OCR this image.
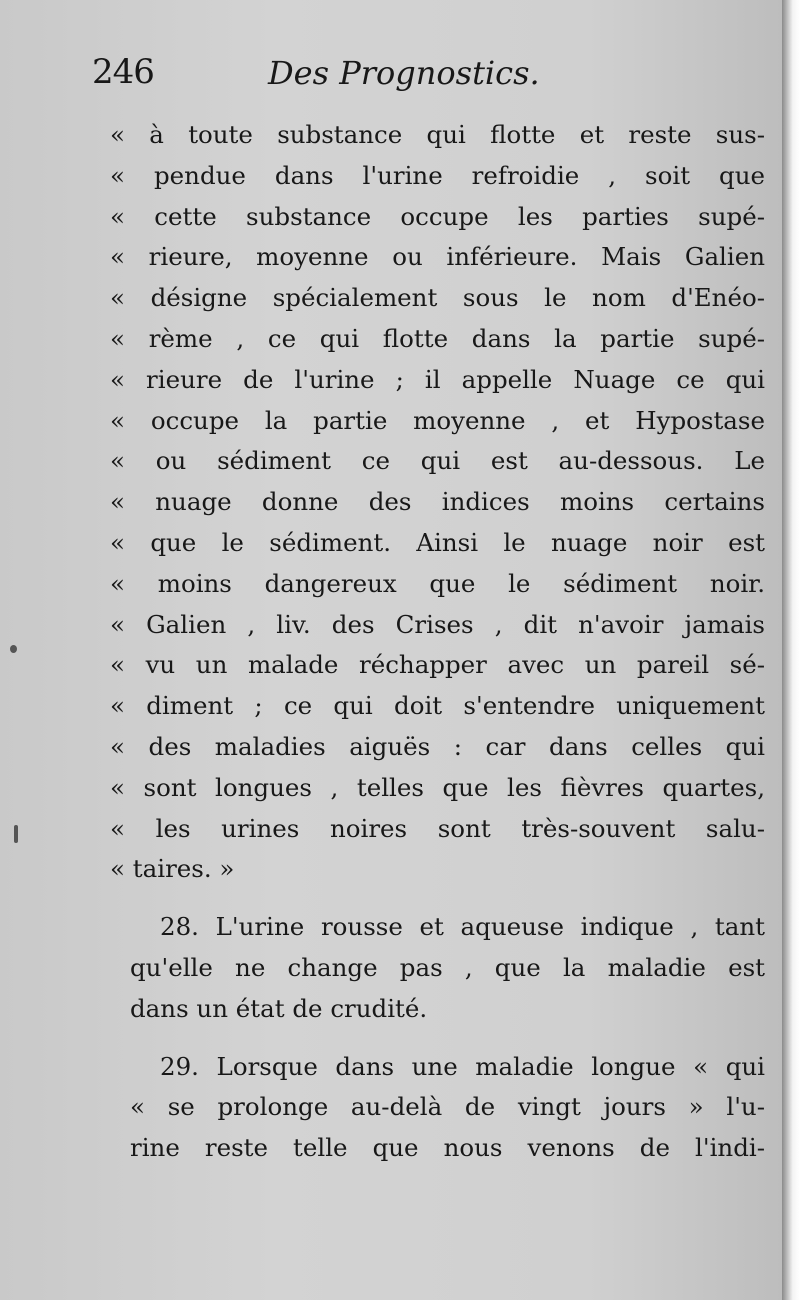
246	Des Prognostics.
« à toute substance qui flotte et reste sus-
« pendue dans l'urine refroidie , soit que
« cette substance occupe les parties supé-
« rieure, moyenne ou inférieure. Mais Galien
« désigne spécialement sous le nom d'Enéo-
« rème , ce qui flotte dans la partie supé-
« rieure de l'urine ; il appelle Nuage ce qui
« occupe la partie moyenne , et Hypostase
« ou sédiment ce qui est au-dessous. Le
« nuage donne des indices moins certains
« que le sédiment. Ainsi le nuage noir est
« moins dangereux que le sédiment noir.
« Galien , liv. des Crises , dit n'avoir jamais
« vu un malade réchapper avec un pareil sé-
« diment ; ce qui doit s'entendre uniquement
« des maladies aiguës : car dans celles qui
« sont longues , telles que les fièvres quartes,
« les urines noires sont très-souvent salu-
« taires. »
28. L'urine rousse et aqueuse indique , tant
qu'elle ne change pas , que la maladie est
dans un état de crudité.
29. Lorsque dans une maladie longue « qui
« se prolonge au-delà de vingt jours » l'u-
rine reste telle que nous venons de l'indi-
